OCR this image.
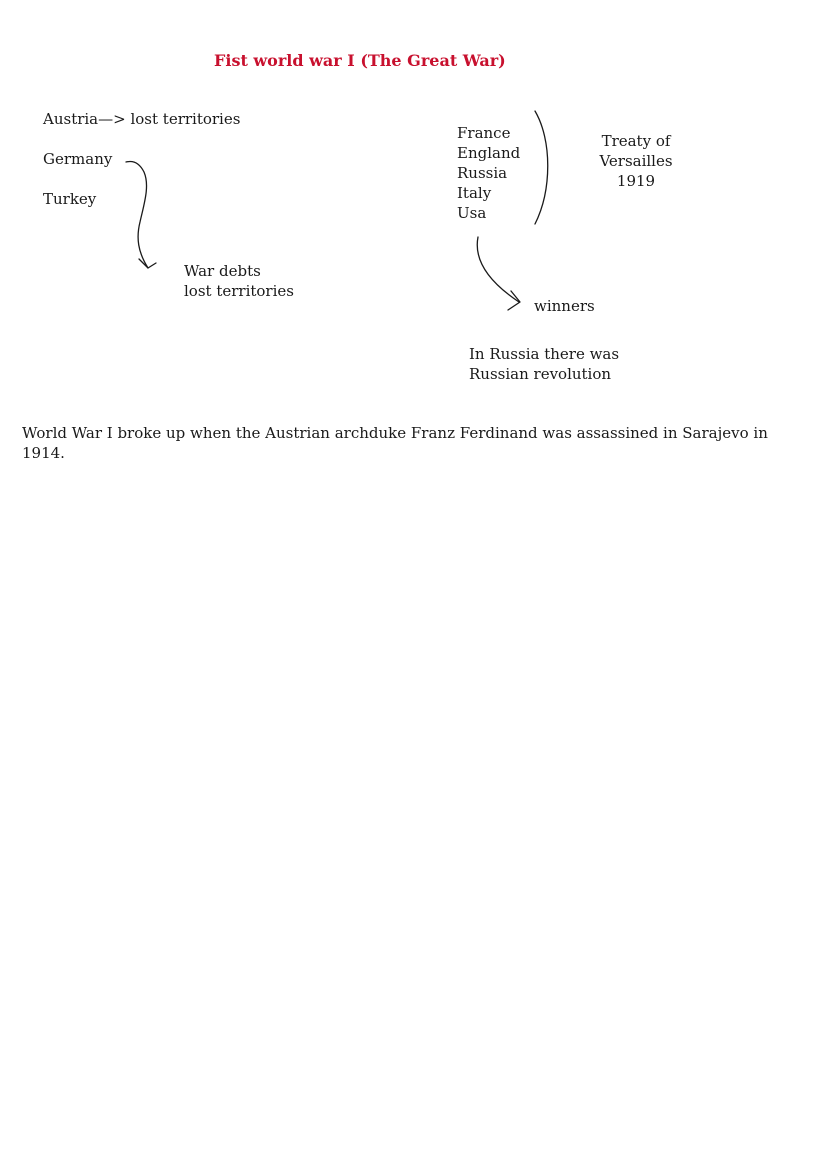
Fist world war I (The Great War)
Austria—> lost territories
Germany
Turkey
War debts
lost territories
France
England
Russia
Italy
Usa
Treaty of
Versailles
1919
winners
In Russia there was
Russian revolution
World War I broke up when the Austrian archduke Franz Ferdinand was assassined in Sarajevo in 1914.
